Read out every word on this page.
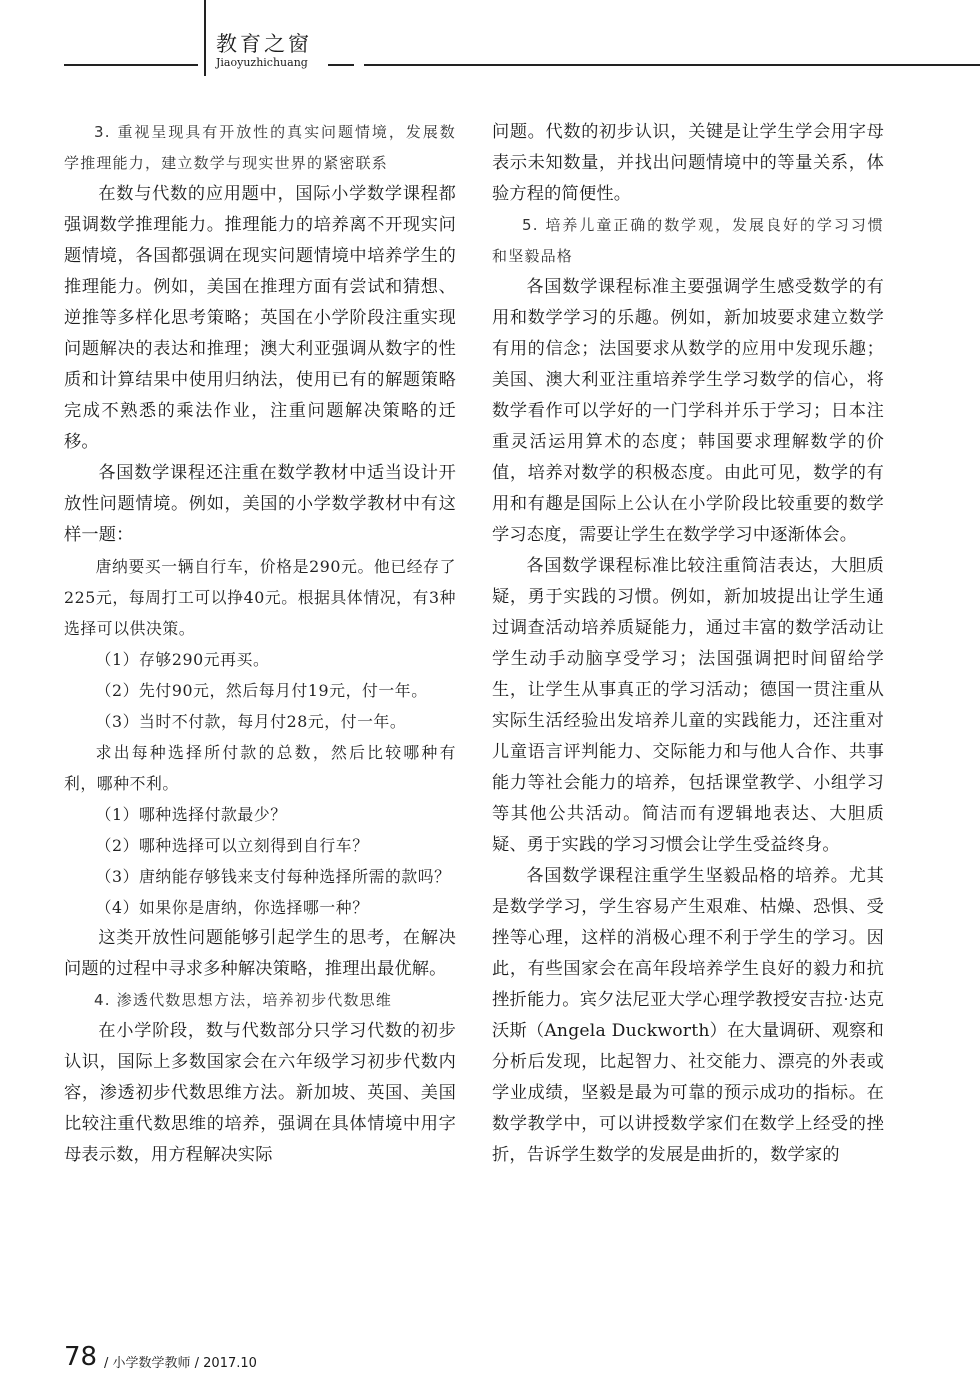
教育之窗
Jiaoyuzhichuang

3. 重视呈现具有开放性的真实问题情境，发展数学推理能力，建立数学与现实世界的紧密联系

在数与代数的应用题中，国际小学数学课程都强调数学推理能力。推理能力的培养离不开现实问题情境，各国都强调在现实问题情境中培养学生的推理能力。例如，美国在推理方面有尝试和猜想、逆推等多样化思考策略；英国在小学阶段注重实现问题解决的表达和推理；澳大利亚强调从数字的性质和计算结果中使用归纳法，使用已有的解题策略完成不熟悉的乘法作业，注重问题解决策略的迁移。

各国数学课程还注重在数学教材中适当设计开放性问题情境。例如，美国的小学数学教材中有这样一题：

唐纳要买一辆自行车，价格是290元。他已经存了225元，每周打工可以挣40元。根据具体情况，有3种选择可以供决策。

（1）存够290元再买。

（2）先付90元，然后每月付19元，付一年。

（3）当时不付款，每月付28元，付一年。

求出每种选择所付款的总数，然后比较哪种有利，哪种不利。

（1）哪种选择付款最少？

（2）哪种选择可以立刻得到自行车？

（3）唐纳能存够钱来支付每种选择所需的款吗？

（4）如果你是唐纳，你选择哪一种？

这类开放性问题能够引起学生的思考，在解决问题的过程中寻求多种解决策略，推理出最优解。

4. 渗透代数思想方法，培养初步代数思维

在小学阶段，数与代数部分只学习代数的初步认识，国际上多数国家会在六年级学习初步代数内容，渗透初步代数思维方法。新加坡、英国、美国比较注重代数思维的培养，强调在具体情境中用字母表示数，用方程解决实际

问题。代数的初步认识，关键是让学生学会用字母表示未知数量，并找出问题情境中的等量关系，体验方程的简便性。

5. 培养儿童正确的数学观，发展良好的学习习惯和坚毅品格

各国数学课程标准主要强调学生感受数学的有用和数学学习的乐趣。例如，新加坡要求建立数学有用的信念；法国要求从数学的应用中发现乐趣；美国、澳大利亚注重培养学生学习数学的信心，将数学看作可以学好的一门学科并乐于学习；日本注重灵活运用算术的态度；韩国要求理解数学的价值，培养对数学的积极态度。由此可见，数学的有用和有趣是国际上公认在小学阶段比较重要的数学学习态度，需要让学生在数学学习中逐渐体会。

各国数学课程标准比较注重简洁表达，大胆质疑，勇于实践的习惯。例如，新加坡提出让学生通过调查活动培养质疑能力，通过丰富的数学活动让学生动手动脑享受学习；法国强调把时间留给学生，让学生从事真正的学习活动；德国一贯注重从实际生活经验出发培养儿童的实践能力，还注重对儿童语言评判能力、交际能力和与他人合作、共事能力等社会能力的培养，包括课堂教学、小组学习等其他公共活动。简洁而有逻辑地表达、大胆质疑、勇于实践的学习习惯会让学生受益终身。

各国数学课程注重学生坚毅品格的培养。尤其是数学学习，学生容易产生艰难、枯燥、恐惧、受挫等心理，这样的消极心理不利于学生的学习。因此，有些国家会在高年段培养学生良好的毅力和抗挫折能力。宾夕法尼亚大学心理学教授安吉拉·达克沃斯（Angela Duckworth）在大量调研、观察和分析后发现，比起智力、社交能力、漂亮的外表或学业成绩，坚毅是最为可靠的预示成功的指标。在数学教学中，可以讲授数学家们在数学上经受的挫折，告诉学生数学的发展是曲折的，数学家的

78 / 小学数学教师 / 2017.10
